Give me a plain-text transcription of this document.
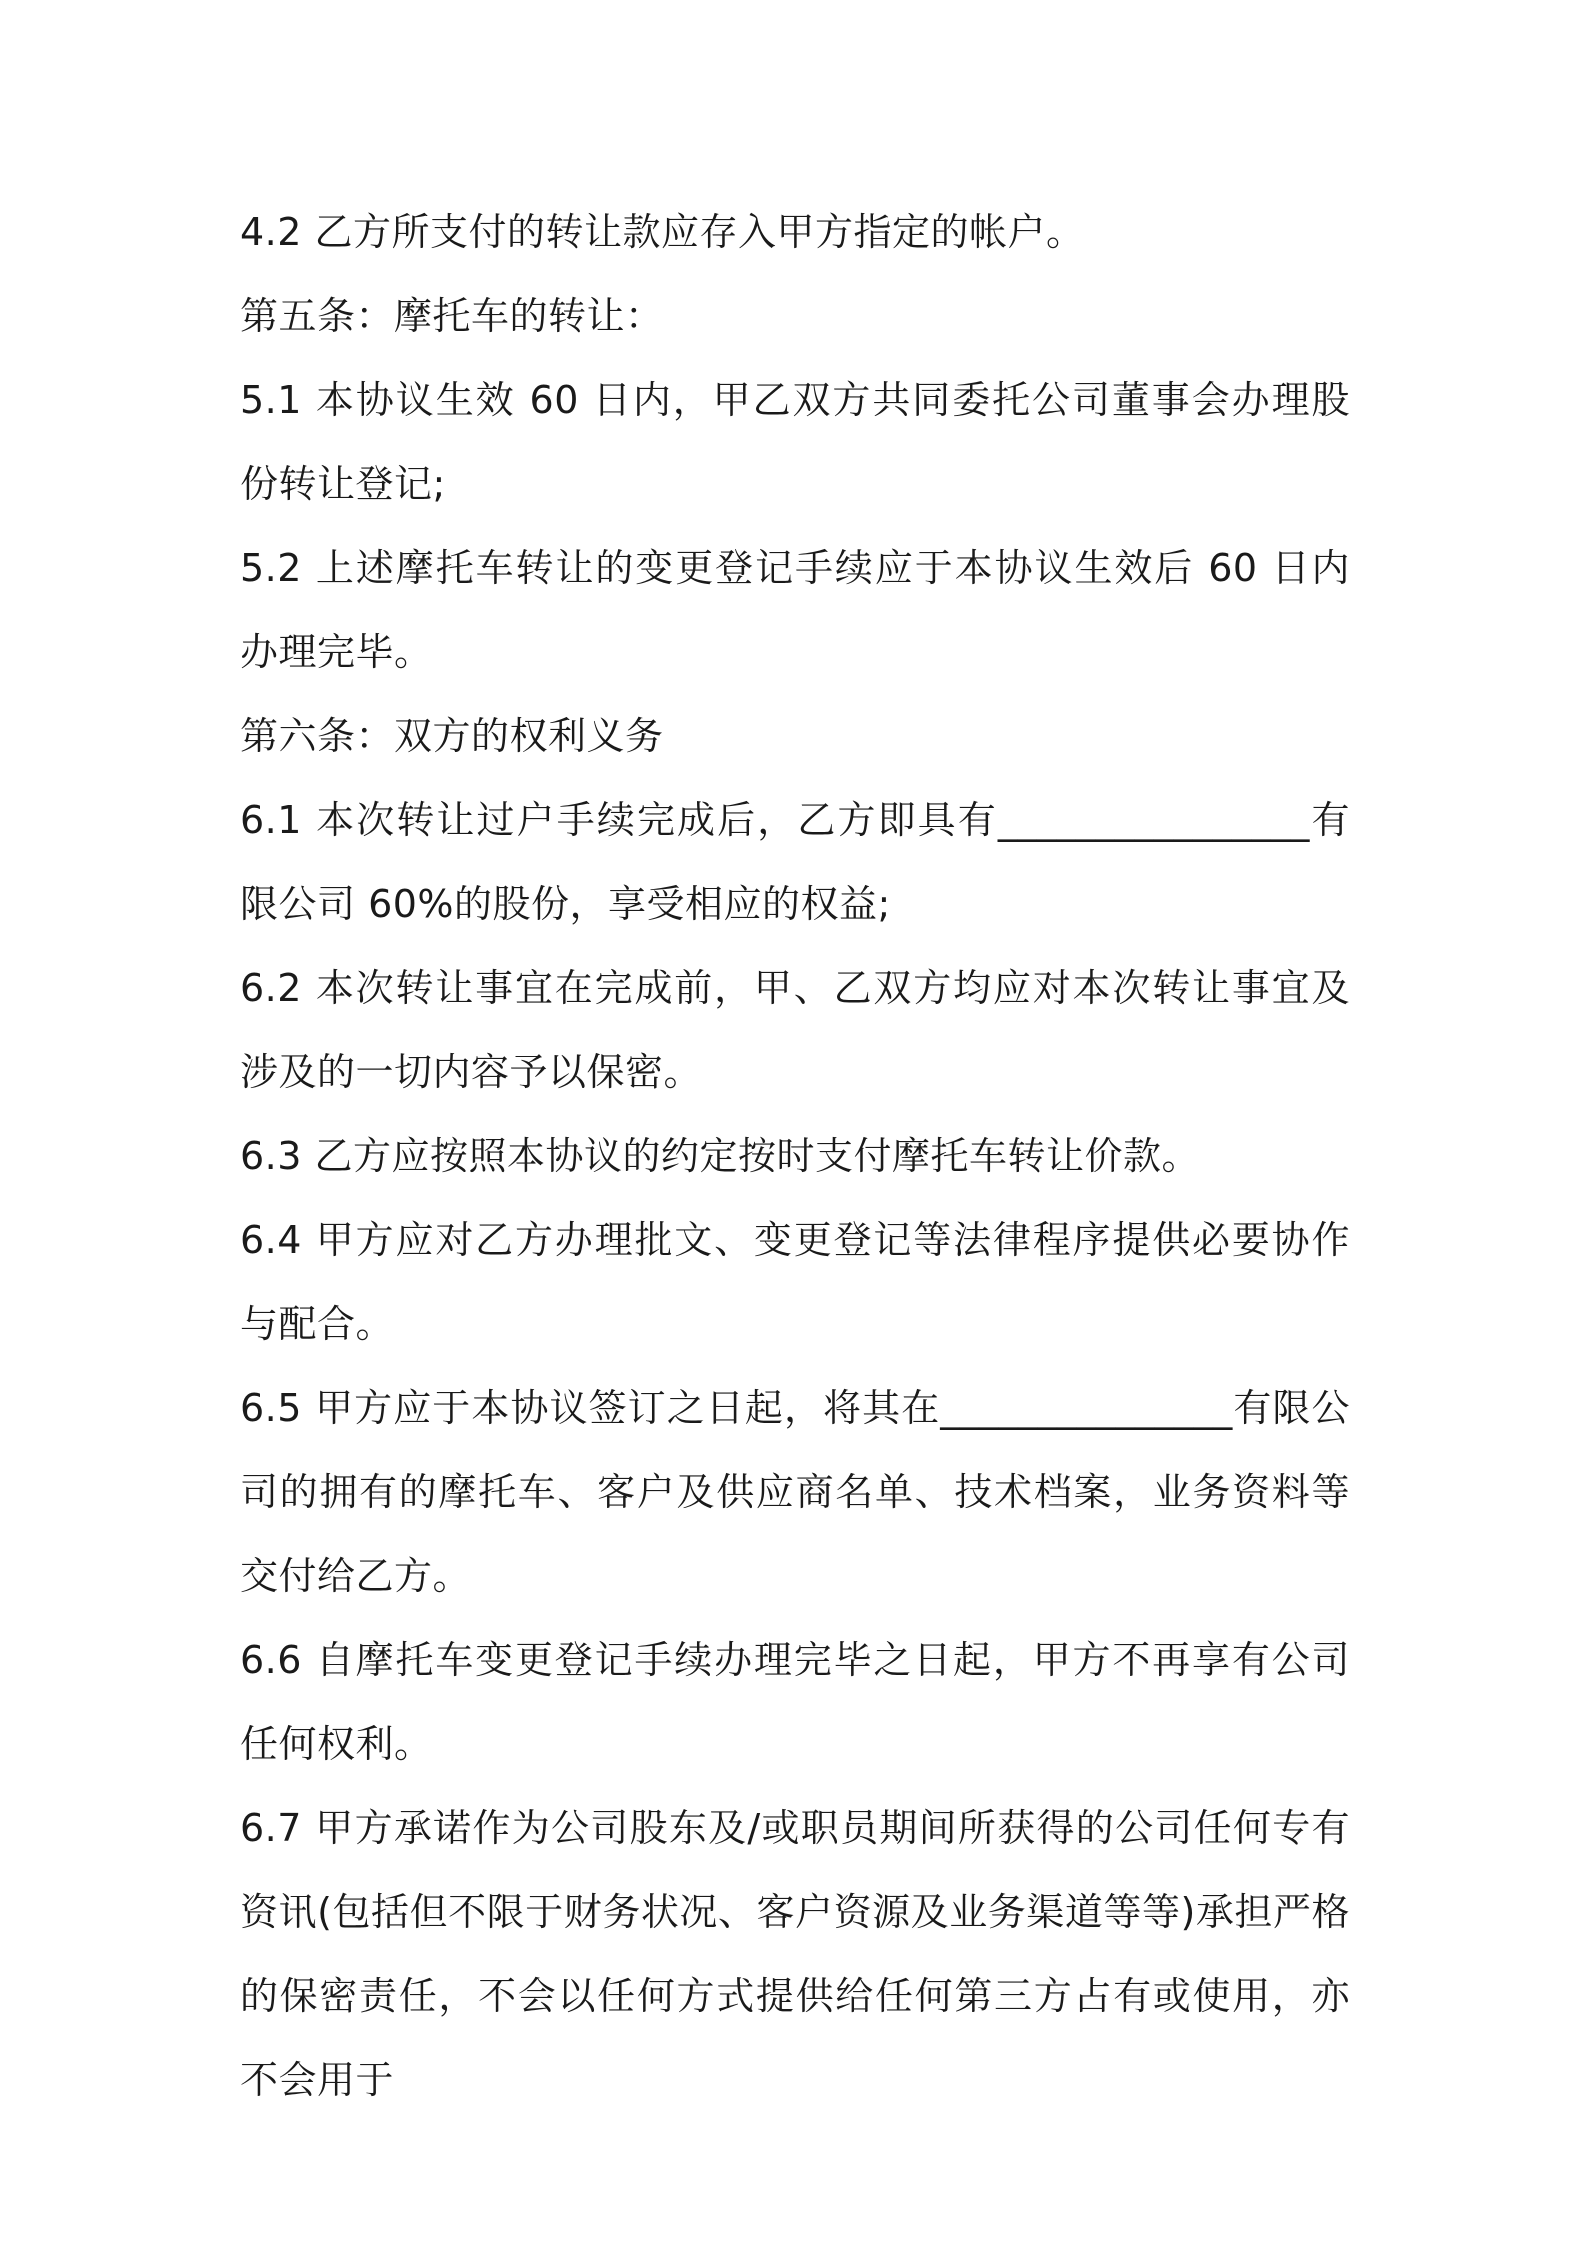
4.2 乙方所支付的转让款应存入甲方指定的帐户。

第五条：摩托车的转让：

5.1 本协议生效 60 日内，甲乙双方共同委托公司董事会办理股份转让登记;

5.2 上述摩托车转让的变更登记手续应于本协议生效后 60 日内办理完毕。

第六条：双方的权利义务

6.1 本次转让过户手续完成后，乙方即具有________________有限公司 60%的股份，享受相应的权益;

6.2 本次转让事宜在完成前，甲、乙双方均应对本次转让事宜及涉及的一切内容予以保密。

6.3 乙方应按照本协议的约定按时支付摩托车转让价款。

6.4 甲方应对乙方办理批文、变更登记等法律程序提供必要协作与配合。

6.5 甲方应于本协议签订之日起，将其在_______________有限公司的拥有的摩托车、客户及供应商名单、技术档案，业务资料等交付给乙方。

6.6 自摩托车变更登记手续办理完毕之日起，甲方不再享有公司任何权利。

6.7 甲方承诺作为公司股东及/或职员期间所获得的公司任何专有资讯(包括但不限于财务状况、客户资源及业务渠道等等)承担严格的保密责任，不会以任何方式提供给任何第三方占有或使用，亦不会用于
